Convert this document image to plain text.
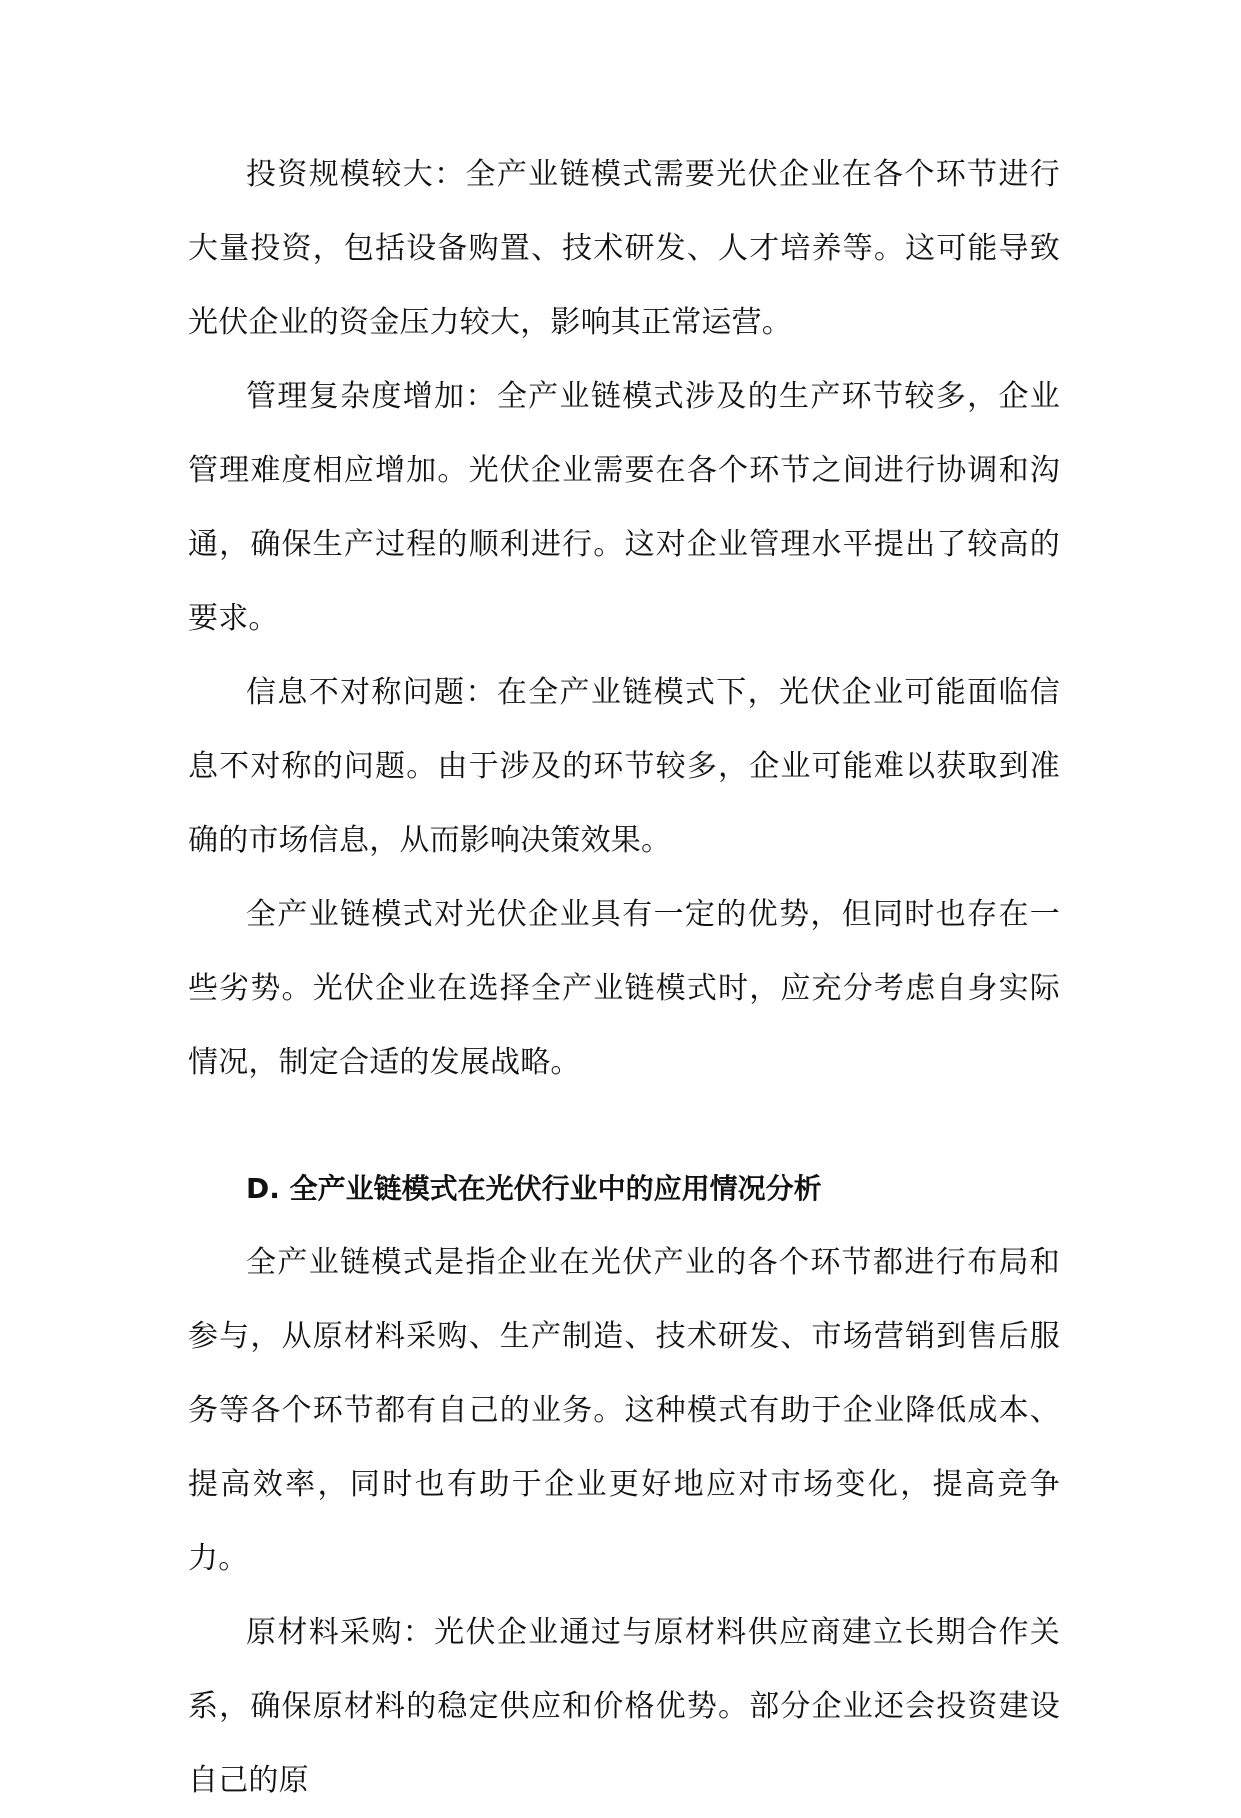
投资规模较大：全产业链模式需要光伏企业在各个环节进行大量投资，包括设备购置、技术研发、人才培养等。这可能导致光伏企业的资金压力较大，影响其正常运营。

管理复杂度增加：全产业链模式涉及的生产环节较多，企业管理难度相应增加。光伏企业需要在各个环节之间进行协调和沟通，确保生产过程的顺利进行。这对企业管理水平提出了较高的要求。

信息不对称问题：在全产业链模式下，光伏企业可能面临信息不对称的问题。由于涉及的环节较多，企业可能难以获取到准确的市场信息，从而影响决策效果。

全产业链模式对光伏企业具有一定的优势，但同时也存在一些劣势。光伏企业在选择全产业链模式时，应充分考虑自身实际情况，制定合适的发展战略。

D. 全产业链模式在光伏行业中的应用情况分析

全产业链模式是指企业在光伏产业的各个环节都进行布局和参与，从原材料采购、生产制造、技术研发、市场营销到售后服务等各个环节都有自己的业务。这种模式有助于企业降低成本、提高效率，同时也有助于企业更好地应对市场变化，提高竞争力。

原材料采购：光伏企业通过与原材料供应商建立长期合作关系，确保原材料的稳定供应和价格优势。部分企业还会投资建设自己的原
